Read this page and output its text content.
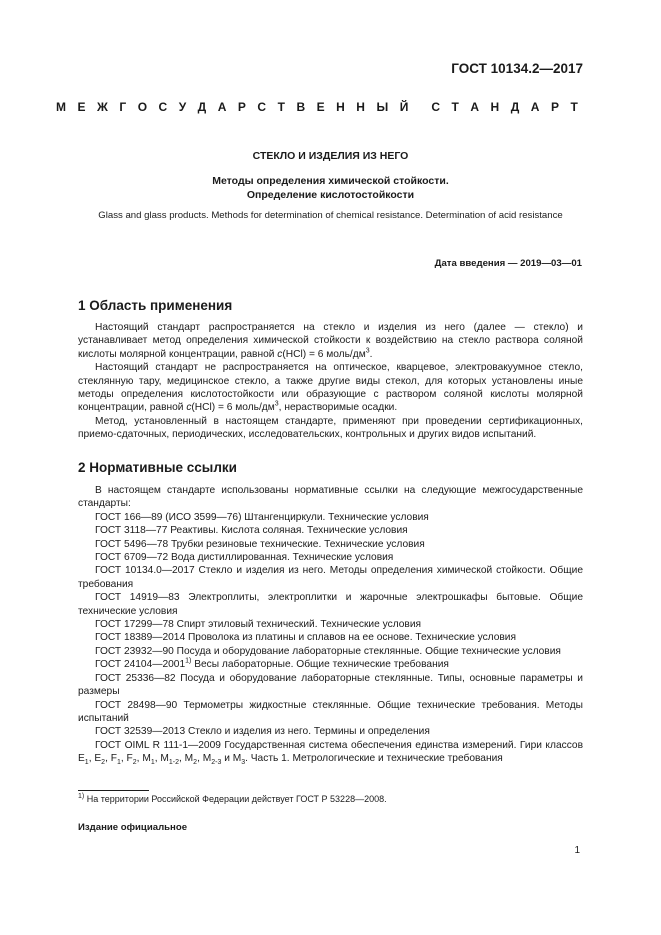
ГОСТ 10134.2—2017
М Е Ж Г О С У Д А Р С Т В Е Н Н Ы Й С Т А Н Д А Р Т
СТЕКЛО И ИЗДЕЛИЯ ИЗ НЕГО
Методы определения химической стойкости.
Определение кислотостойкости
Glass and glass products. Methods for determination of chemical resistance. Determination of acid resistance
Дата введения — 2019—03—01
1 Область применения

Настоящий стандарт распространяется на стекло и изделия из него (далее — стекло) и устанавливает метод определения химической стойкости к воздействию на стекло раствора соляной кислоты молярной концентрации, равной с(HCl) = 6 моль/$дм^3$.

Настоящий стандарт не распространяется на оптическое, кварцевое, электровакуумное стекло, стеклянную тару, медицинское стекло, а также другие виды стекол, для которых установлены иные методы определения кислотостойкости или образующие с раствором соляной кислоты молярной концентрации, равной с(HCl) = 6 моль/$дм^3$, нерастворимые осадки.

Метод, установленный в настоящем стандарте, применяют при проведении сертификационных, приемо-сдаточных, периодических, исследовательских, контрольных и других видов испытаний.

2 Нормативные ссылки

В настоящем стандарте использованы нормативные ссылки на следующие межгосударственные стандарты:

ГОСТ 166—89 (ИСО 3599—76) Штангенциркули. Технические условия

ГОСТ 3118—77 Реактивы. Кислота соляная. Технические условия

ГОСТ 5496—78 Трубки резиновые технические. Технические условия

ГОСТ 6709—72 Вода дистиллированная. Технические условия

ГОСТ 10134.0—2017 Стекло и изделия из него. Методы определения химической стойкости. Общие требования

ГОСТ 14919—83 Электроплиты, электроплитки и жарочные электрошкафы бытовые. Общие технические условия

ГОСТ 17299—78 Спирт этиловый технический. Технические условия

ГОСТ 18389—2014 Проволока из платины и сплавов на ее основе. Технические условия

ГОСТ 23932—90 Посуда и оборудование лабораторные стеклянные. Общие технические условия

ГОСТ 24104—2001$^{1)}$ Весы лабораторные. Общие технические требования

ГОСТ 25336—82 Посуда и оборудование лабораторные стеклянные. Типы, основные параметры и размеры

ГОСТ 28498—90 Термометры жидкостные стеклянные. Общие технические требования. Методы испытаний

ГОСТ 32539—2013 Стекло и изделия из него. Термины и определения

ГОСТ OIML R 111-1—2009 Государственная система обеспечения единства измерений. Гири классов $E_1$, $E_2$, $F_1$, $F_2$, $M_1$, $M_{1-2}$, $M_2$, $M_{2-3}$ и $M_3$. Часть 1. Метрологические и технические требования

$^{1)}$ На территории Российской Федерации действует ГОСТ Р 53228—2008.
Издание официальное
1
